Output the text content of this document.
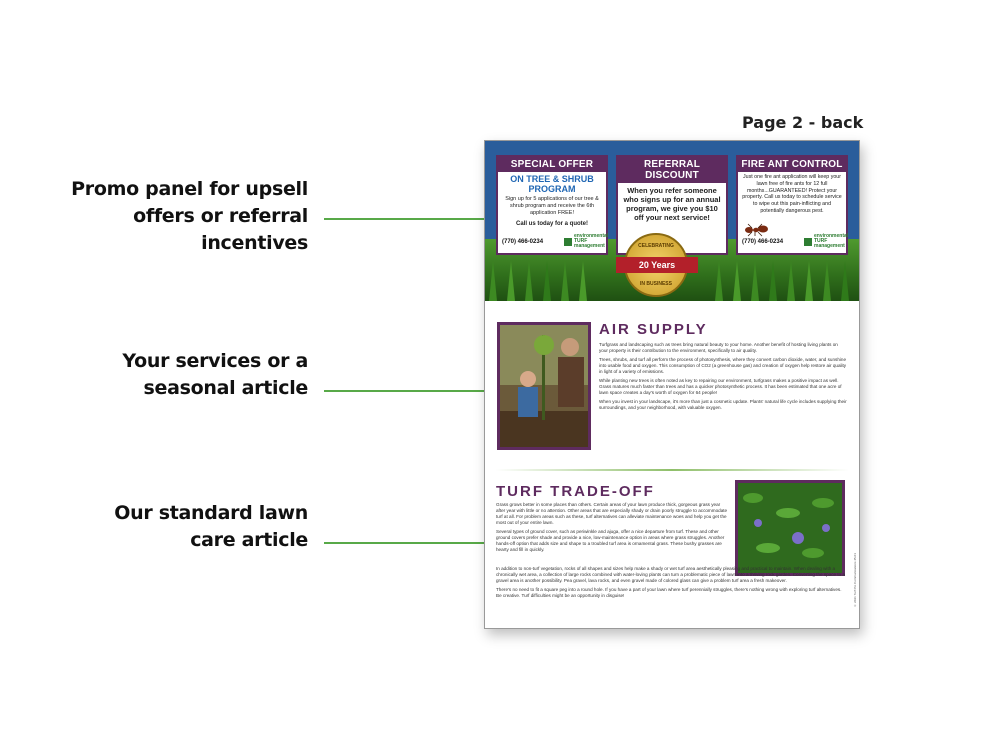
Promo panel for upsell
offers or referral
incentives
Your services or a
seasonal article
Our standard lawn
care article
Page 2 - back
SPECIAL OFFER
ON TREE & SHRUB
PROGRAM
Sign up for 5 applications of our tree & shrub program and receive the 6th application FREE!
Call us today for a quote!
(770) 466-0234
environmental TURF management
REFERRAL DISCOUNT
When you refer someone who signs up for an annual program, we give you $10 off your next service!
FIRE ANT CONTROL
Just one fire ant application will keep your lawn free of fire ants for 12 full months...GUARANTEED! Protect your property. Call us today to schedule service to wipe out this pain-inflicting and potentially dangerous pest.
(770) 466-0234
environmental TURF management
CELEBRATING
20 Years
IN BUSINESS
AIR SUPPLY

Turfgrass and landscaping such as trees bring natural beauty to your home. Another benefit of hosting living plants on your property is their contribution to the environment, specifically to air quality.

Trees, shrubs, and turf all perform the process of photosynthesis, where they convert carbon dioxide, water, and sunshine into usable food and oxygen. This consumption of CO2 (a greenhouse gas) and creation of oxygen help restore air quality in light of a variety of emissions.

While planting new trees is often noted as key to repairing our environment, turfgrass makes a positive impact as well. Grass matures much faster than trees and has a quicker photosynthetic process. It has been estimated that one acre of lawn space creates a day's worth of oxygen for 64 people!

When you invest in your landscape, it's more than just a cosmetic update. Plants' natural life cycle includes supplying their surroundings, and your neighborhood, with valuable oxygen.

TURF TRADE-OFF

Grass grows better in some places than others. Certain areas of your lawn produce thick, gorgeous grass year after year with little or no attention. Other areas that are especially shady or drain poorly struggle to accommodate turf at all. For problem areas such as these, turf alternatives can alleviate maintenance woes and help you get the most out of your entire lawn.

Several types of ground cover, such as periwinkle and ajuga, offer a nice departure from turf. These and other ground covers prefer shade and provide a nice, low-maintenance option in areas where grass struggles. Another hands-off option that adds size and shape to a troubled turf area is ornamental grass. These bushy grasses are hearty and fill in quickly.

In addition to non-turf vegetation, rocks of all shapes and sizes help make a shady or wet turf area aesthetically pleasing and practical to maintain. When dealing with a chronically wet area, a collection of large rocks combined with water-loving plants can turn a problematic piece of lawn into a thriving rock garden. Converting the space to a gravel area is another possibility. Pea gravel, lava rocks, and even gravel made of colored glass can give a problem turf area a fresh makeover.

There's no need to fit a square peg into a round hole. If you have a part of your lawn where turf perennially struggles, there's nothing wrong with exploring turf alternatives. Be creative. Turf difficulties might be an opportunity in disguise!	© 2021 Turf Pro Communications 45-01
